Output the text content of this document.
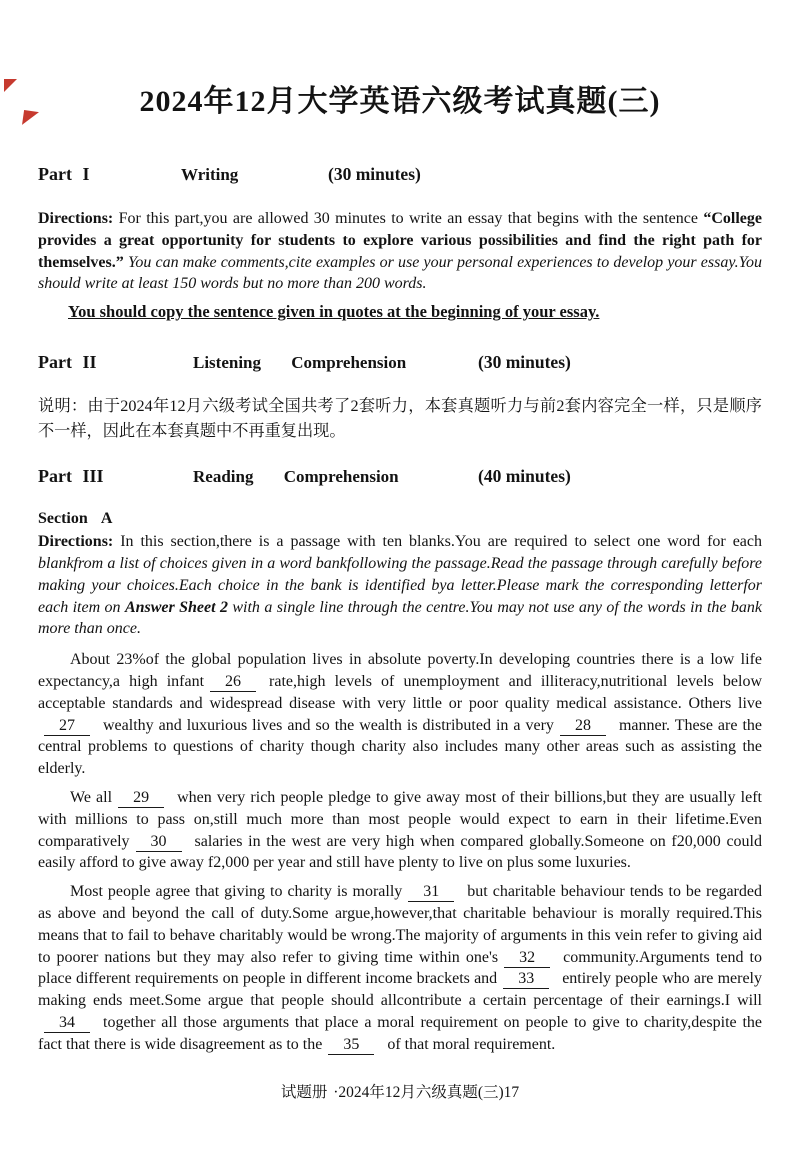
2024年12月大学英语六级考试真题(三)
Part I	Writing	(30 minutes)
Directions: For this part,you are allowed 30 minutes to write an essay that begins with the sentence “College provides a great opportunity for students to explore various possibilities and find the right path for themselves.” You can make comments,cite examples or use your personal experiences to develop your essay.You should write at least 150 words but no more than 200 words.
You should copy the sentence given in quotes at the beginning of your essay.
Part II	Listening Comprehension	(30 minutes)
说明：由于2024年12月六级考试全国共考了2套听力，本套真题听力与前2套内容完全一样，只是顺序不一样，因此在本套真题中不再重复出现。
Part III	Reading Comprehension	(40 minutes)
Section A
Directions: In this section,there is a passage with ten blanks.You are required to select one word for each blankfrom a list of choices given in a word bankfollowing the passage.Read the passage through carefully before making your choices.Each choice in the bank is identified bya letter.Please mark the corresponding letterfor each item on Answer Sheet 2 with a single line through the centre.You may not use any of the words in the bank more than once.

About 23%of the global population lives in absolute poverty.In developing countries there is a low life expectancy,a high infant 26 rate,high levels of unemployment and illiteracy,nutritional levels below acceptable standards and widespread disease with very little or poor quality medical assistance. Others live27 wealthy and luxurious lives and so the wealth is distributed in a very 28 manner. These are the central problems to questions of charity though charity also includes many other areas such as assisting the elderly.

We all 29 when very rich people pledge to give away most of their billions,but they are usually left with millions to pass on,still much more than most people would expect to earn in their lifetime.Even comparatively 30 salaries in the west are very high when compared globally.Someone on f20,000 could easily afford to give away f2,000 per year and still have plenty to live on plus some luxuries.

Most people agree that giving to charity is morally 31 but charitable behaviour tends to be regarded as above and beyond the call of duty.Some argue,however,that charitable behaviour is morally required.This means that to fail to behave charitably would be wrong.The majority of arguments in this vein refer to giving aid to poorer nations but they may also refer to giving time within one's 32 community.Arguments tend to place different requirements on people in different income brackets and 33 entirely people who are merely making ends meet.Some argue that people should allcontribute a certain percentage of their earnings.I will34 together all those arguments that place a moral requirement on people to give to charity,despite the fact that there is wide disagreement as to the 35 of that moral requirement.

试题册 ·2024年12月六级真题(三)17
